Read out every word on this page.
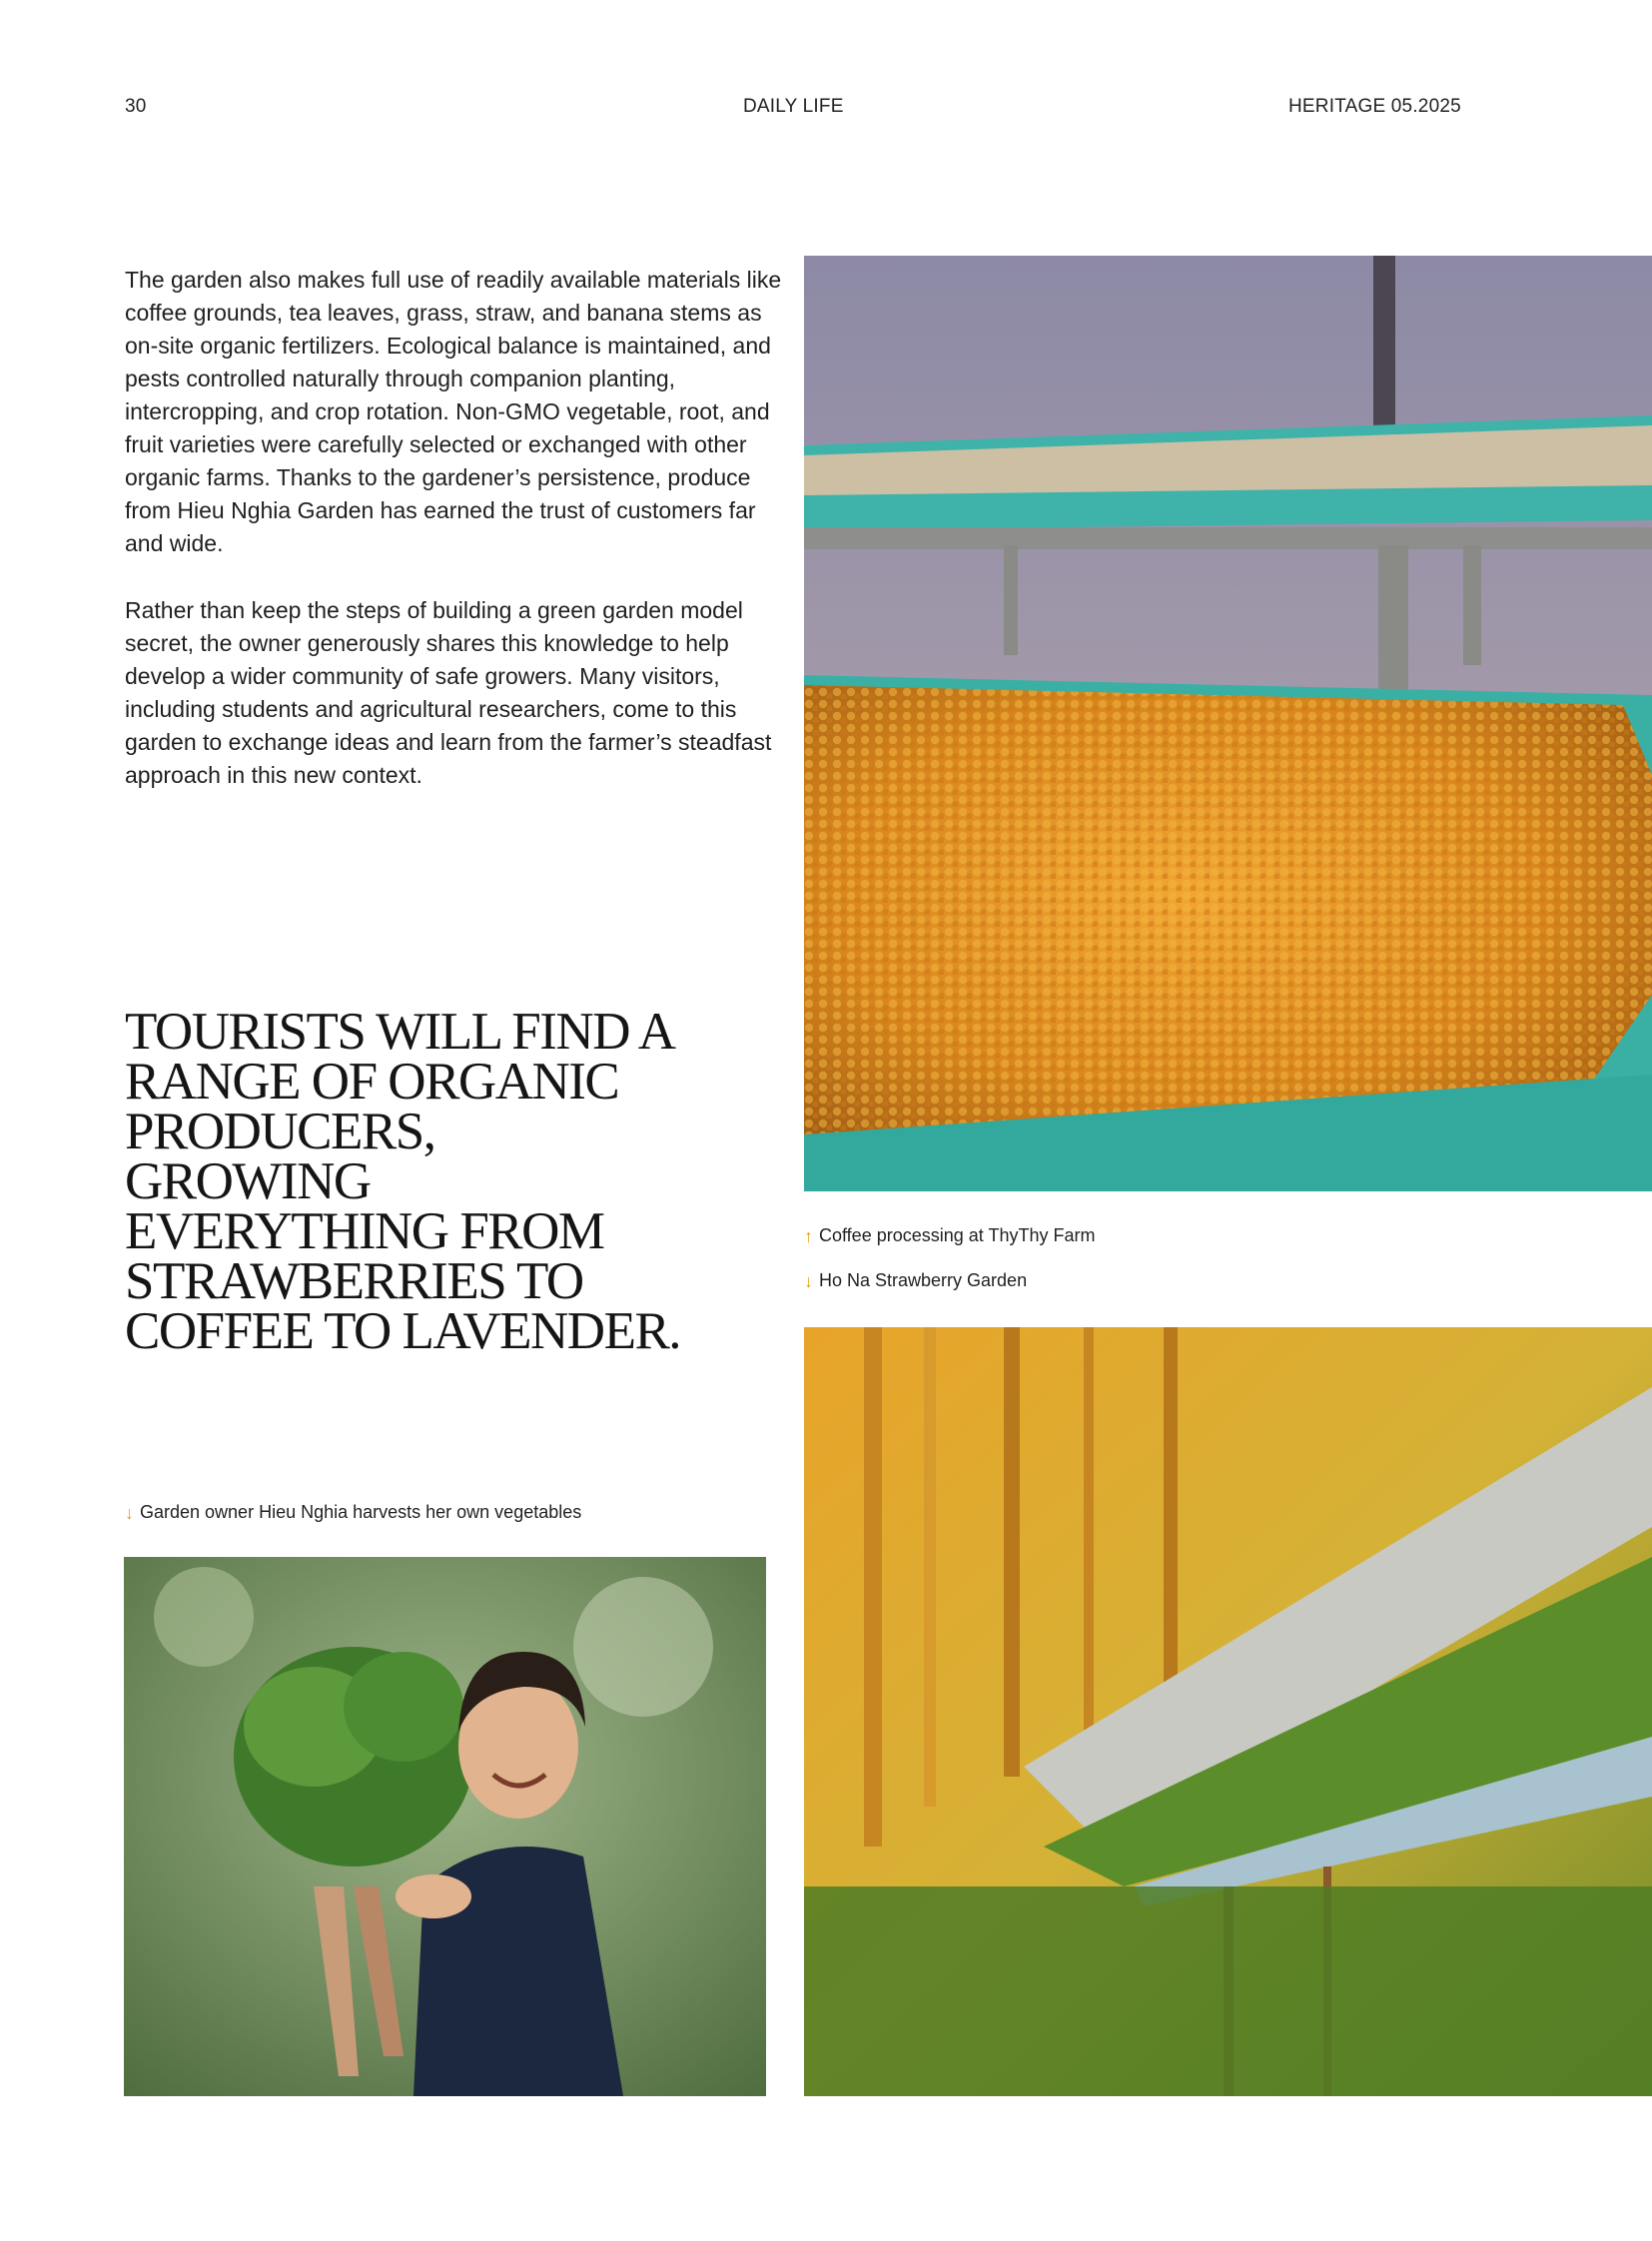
30	DAILY LIFE	HERITAGE 05.2025

The garden also makes full use of readily available materials like coffee grounds, tea leaves, grass, straw, and banana stems as on-site organic fertilizers. Ecological balance is maintained, and pests controlled naturally through companion planting, intercropping, and crop rotation. Non-GMO vegetable, root, and fruit varieties were carefully selected or exchanged with other organic farms. Thanks to the gardener’s persistence, produce from Hieu Nghia Garden has earned the trust of customers far and wide.

Rather than keep the steps of building a green garden model secret, the owner generously shares this knowledge to help develop a wider community of safe growers. Many visitors, including students and agricultural researchers, come to this garden to exchange ideas and learn from the farmer’s steadfast approach in this new context.

TOURISTS WILL FIND A RANGE OF ORGANIC PRODUCERS, GROWING EVERYTHING FROM STRAWBERRIES TO COFFEE TO LAVENDER.
↑ Coffee processing at ThyThy Farm
↓ Ho Na Strawberry Garden
↓ Garden owner Hieu Nghia harvests her own vegetables
